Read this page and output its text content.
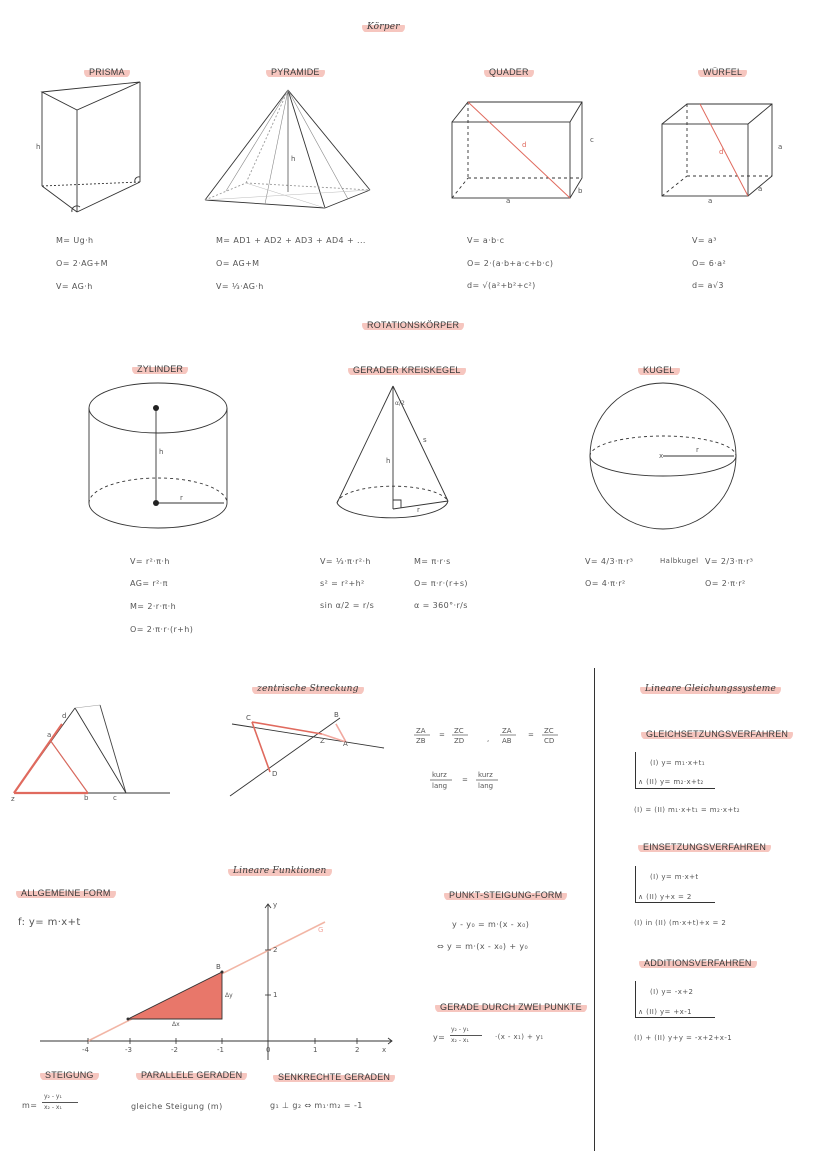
Körper
PRISMA	PYRAMIDE	QUADER	WÜRFEL
h
h
d
c
b
a
d
a
a
a
M= Ug·h
O= 2·AG+M
V= AG·h
M= AD1 + AD2 + AD3 + AD4 + ...
O= AG+M
V= ⅓·AG·h
V= a·b·c
O= 2·(a·b+a·c+b·c)
d= √(a²+b²+c²)
V= a³
O= 6·a²
d= a√3
ROTATIONSKÖRPER
ZYLINDER	GERADER KREISKEGEL	KUGEL
h
r
α/2
s
h
r
x
r
V= r²·π·h
AG= r²·π
M= 2·r·π·h
O= 2·π·r·(r+h)
V= ⅓·π·r²·h
s² = r²+h²
sin α/2 = r/s
M= π·r·s
O= π·r·(r+s)
α = 360°·r/s
V= 4/3·π·r³
O= 4·π·r²
Halbkugel V= 2/3·π·r³
O= 2·π·r²
zentrische Streckung
z
a
b	c
d	C
D
Z
B
A
ZA
ZB
= ZC
ZD	,
ZA
AB
= ZC
CD
kurz
lang
=
kurz
lang
Lineare Gleichungssysteme
GLEICHSETZUNGSVERFAHREN
(I) y= m₁·x+t₁
∧ (II) y= m₂·x+t₂
(I) = (II) m₁·x+t₁ = m₂·x+t₂
EINSETZUNGSVERFAHREN
(I) y= m·x+t
∧ (II) y+x = 2
(I) in (II) (m·x+t)+x = 2
ADDITIONSVERFAHREN
(I) y= -x+2
∧ (II) y= +x-1
(I) + (II) y+y = -x+2+x-1
Lineare Funktionen
ALLGEMEINE FORM
f: y= m·x+t
y
x
-4	-3	-2	-1	0	1	2
1
2
Δx
Δy
G
B
PUNKT-STEIGUNG-FORM
y - y₀ = m·(x - x₀)
⇔ y = m·(x - x₀) + y₀
GERADE DURCH ZWEI PUNKTE
y=
y₂ - y₁
x₂ - x₁	·(x - x₁) + y₁
STEIGUNG
m=
y₂ - y₁
x₂ - x₁
PARALLELE GERADEN
gleiche Steigung (m)
SENKRECHTE GERADEN
g₁ ⊥ g₂ ⇔ m₁·m₂ = -1
